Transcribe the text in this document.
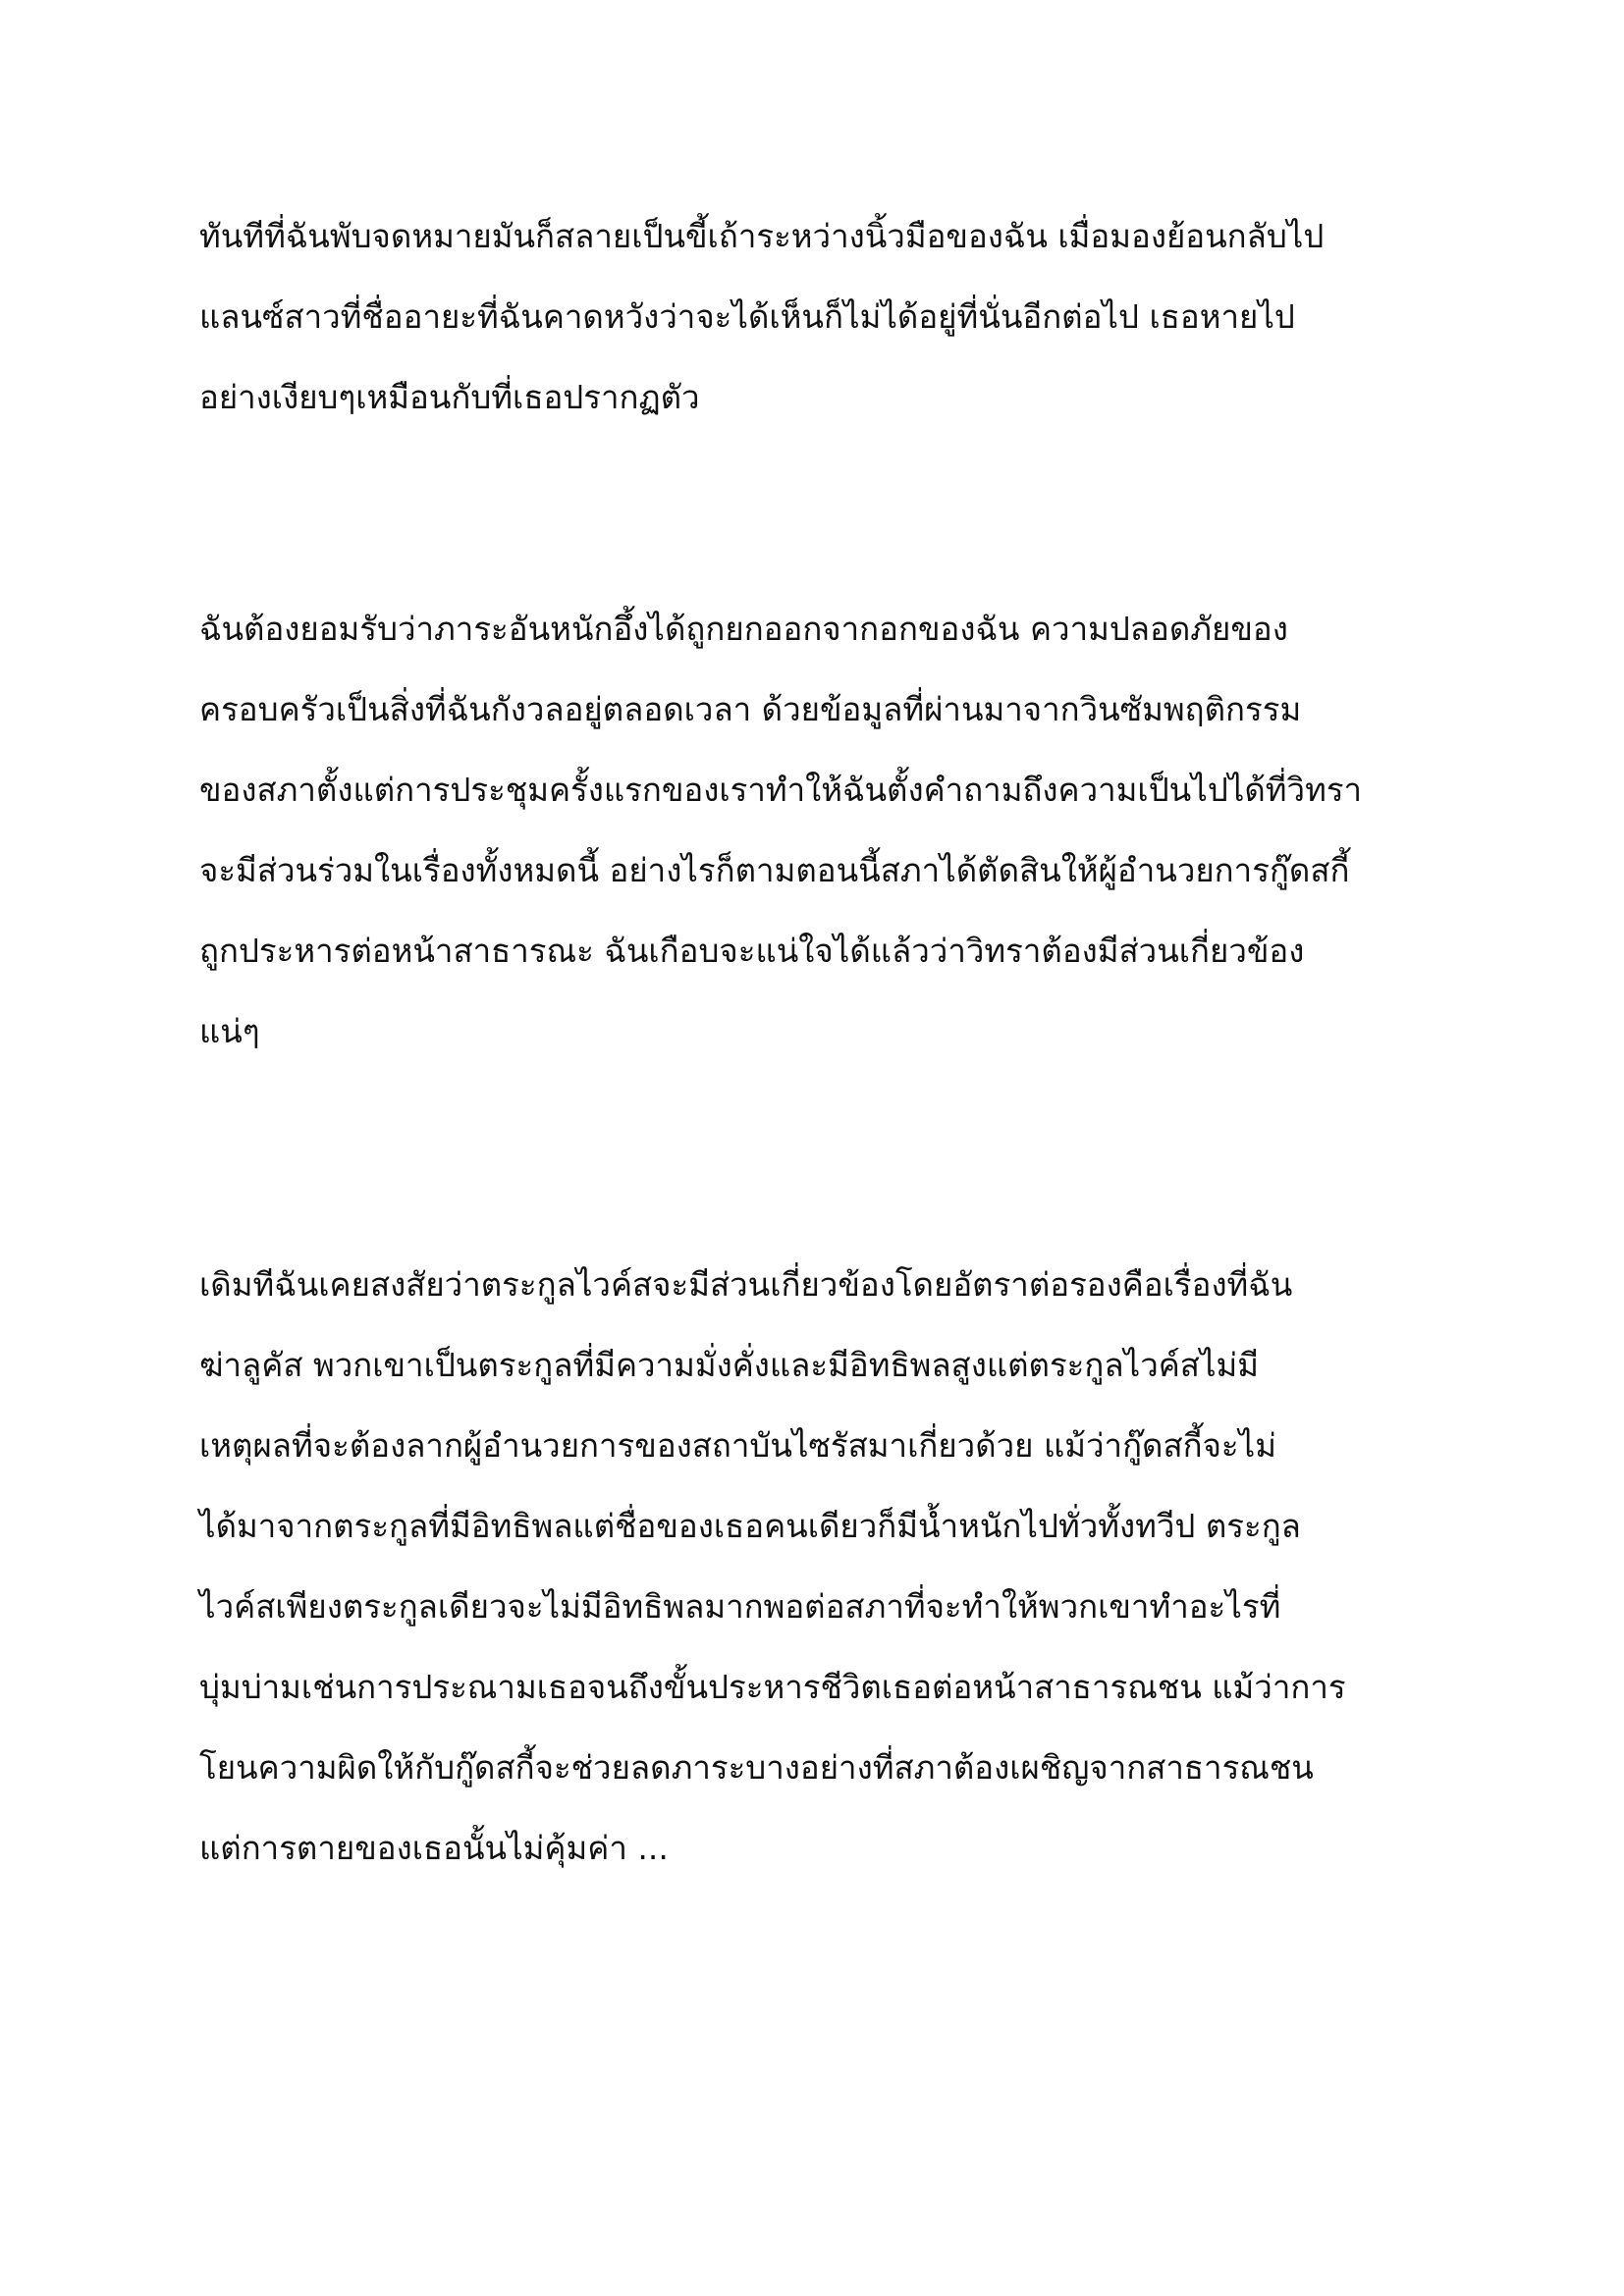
ทันทีที่ฉันพับจดหมายมันก็สลายเป็นขี้เถ้าระหว่างนิ้วมือของฉัน เมื่อมองย้อนกลับไป
แลนซ์สาวที่ชื่ออายะที่ฉันคาดหวังว่าจะได้เห็นก็ไม่ได้อยู่ที่นั่นอีกต่อไป เธอหายไป
อย่างเงียบๆเหมือนกับที่เธอปรากฏตัว

ฉันต้องยอมรับว่าภาระอันหนักอึ้งได้ถูกยกออกจากอกของฉัน ความปลอดภัยของ
ครอบครัวเป็นสิ่งที่ฉันกังวลอยู่ตลอดเวลา ด้วยข้อมูลที่ผ่านมาจากวินซัมพฤติกรรม
ของสภาตั้งแต่การประชุมครั้งแรกของเราทำให้ฉันตั้งคำถามถึงความเป็นไปได้ที่วิทรา
จะมีส่วนร่วมในเรื่องทั้งหมดนี้ อย่างไรก็ตามตอนนี้สภาได้ตัดสินให้ผู้อำนวยการกู๊ดสกี้
ถูกประหารต่อหน้าสาธารณะ ฉันเกือบจะแน่ใจได้แล้วว่าวิทราต้องมีส่วนเกี่ยวข้อง
แน่ๆ

เดิมทีฉันเคยสงสัยว่าตระกูลไวค์สจะมีส่วนเกี่ยวข้องโดยอัตราต่อรองคือเรื่องที่ฉัน
ฆ่าลูคัส พวกเขาเป็นตระกูลที่มีความมั่งคั่งและมีอิทธิพลสูงแต่ตระกูลไวค์สไม่มี
เหตุผลที่จะต้องลากผู้อำนวยการของสถาบันไซรัสมาเกี่ยวด้วย แม้ว่ากู๊ดสกี้จะไม่
ได้มาจากตระกูลที่มีอิทธิพลแต่ชื่อของเธอคนเดียวก็มีน้ำหนักไปทั่วทั้งทวีป ตระกูล
ไวค์สเพียงตระกูลเดียวจะไม่มีอิทธิพลมากพอต่อสภาที่จะทำให้พวกเขาทำอะไรที่
บุ่มบ่ามเช่นการประณามเธอจนถึงขั้นประหารชีวิตเธอต่อหน้าสาธารณชน แม้ว่าการ
โยนความผิดให้กับกู๊ดสกี้จะช่วยลดภาระบางอย่างที่สภาต้องเผชิญจากสาธารณชน
แต่การตายของเธอนั้นไม่คุ้มค่า ...
